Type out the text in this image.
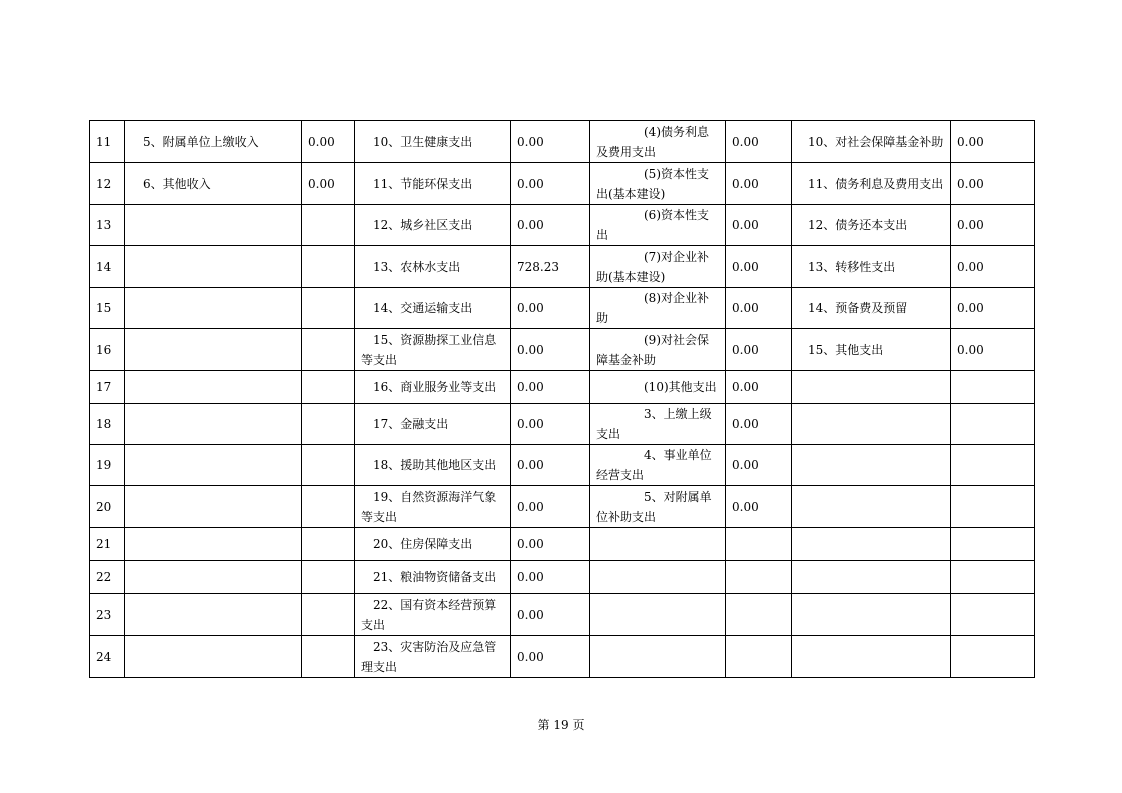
11	5、附属单位上缴收入	0.00	10、卫生健康支出	0.00	(4)债务利息及费用支出	0.00	10、对社会保障基金补助	0.00
12	6、其他收入	0.00	11、节能环保支出	0.00	(5)资本性支出(基本建设)	0.00	11、债务利息及费用支出	0.00
13			12、城乡社区支出	0.00	(6)资本性支出	0.00	12、债务还本支出	0.00
14			13、农林水支出	728.23	(7)对企业补助(基本建设)	0.00	13、转移性支出	0.00
15			14、交通运输支出	0.00	(8)对企业补助	0.00	14、预备费及预留	0.00
16			15、资源勘探工业信息等支出	0.00	(9)对社会保障基金补助	0.00	15、其他支出	0.00
17			16、商业服务业等支出	0.00	(10)其他支出	0.00		
18			17、金融支出	0.00	3、上缴上级支出	0.00		
19			18、援助其他地区支出	0.00	4、事业单位经营支出	0.00		
20			19、自然资源海洋气象等支出	0.00	5、对附属单位补助支出	0.00		
21			20、住房保障支出	0.00				
22			21、粮油物资储备支出	0.00				
23			22、国有资本经营预算支出	0.00				
24			23、灾害防治及应急管理支出	0.00				
第 19 页
